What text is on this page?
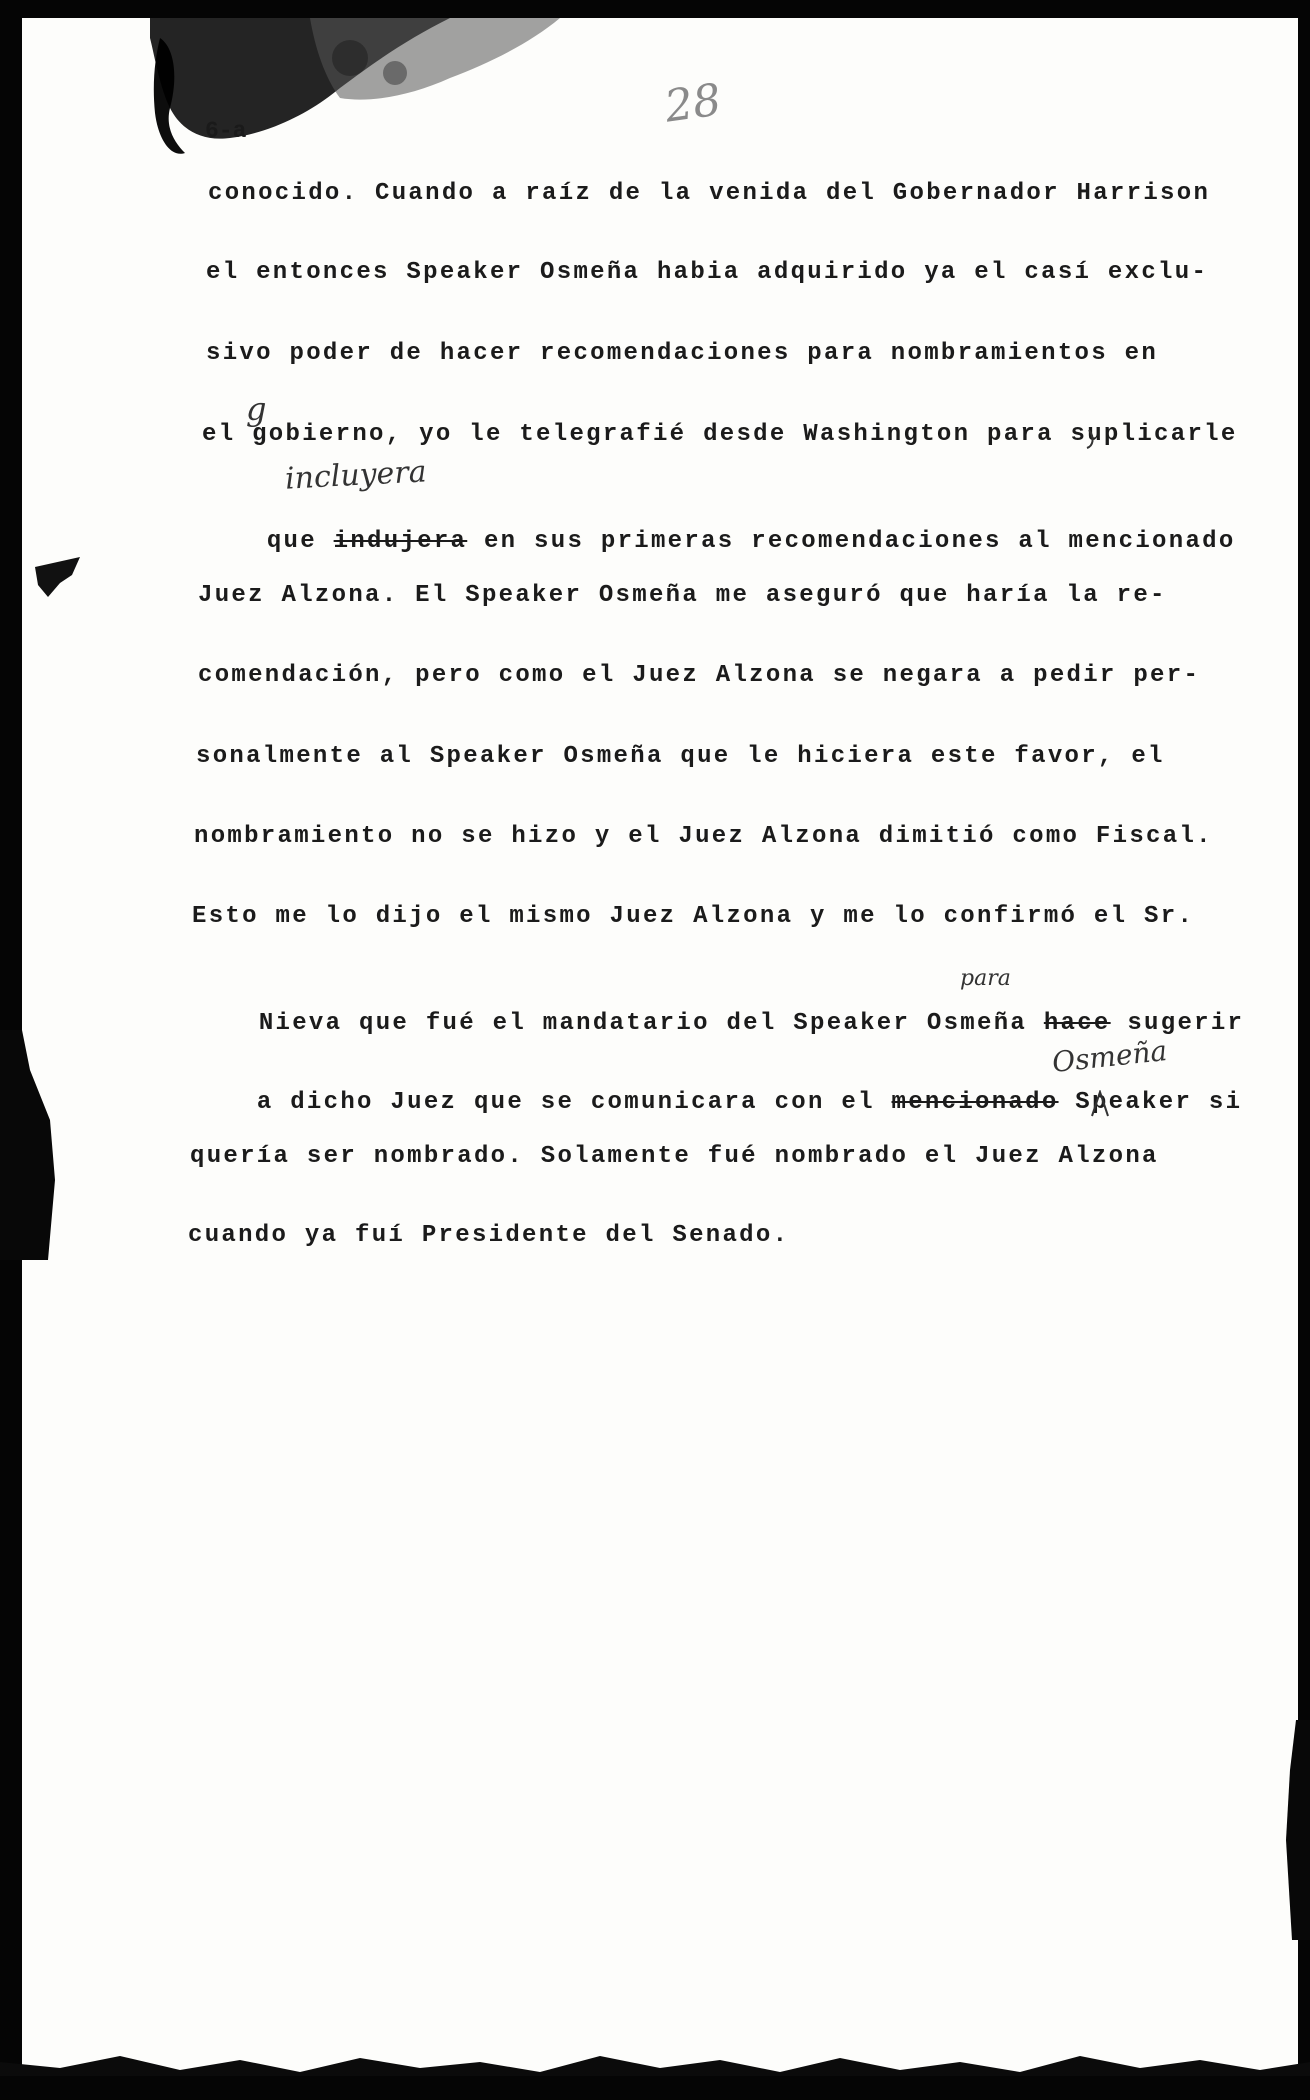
6-a	28
conocido. Cuando a raíz de la venida del Gobernador Harrison
el entonces Speaker Osmeña habia adquirido ya el casí exclu-
sivo poder de hacer recomendaciones para nombramientos en
el gobierno, yo le telegrafié desde Washington para suplicarle

que indujera en sus primeras recomendaciones al mencionado

Juez Alzona. El Speaker Osmeña me aseguró que haría la re-
comendación, pero como el Juez Alzona se negara a pedir per-
sonalmente al Speaker Osmeña que le hiciera este favor, el
nombramiento no se hizo y el Juez Alzona dimitió como Fiscal.
Esto me lo dijo el mismo Juez Alzona y me lo confirmó el Sr.

Nieva que fué el mandatario del Speaker Osmeña hace sugerir

a dicho Juez que se comunicara con el mencionado Speaker si

quería ser nombrado. Solamente fué nombrado el Juez Alzona
cuando ya fuí Presidente del Senado.
g
incluyera
para
Osmeña
